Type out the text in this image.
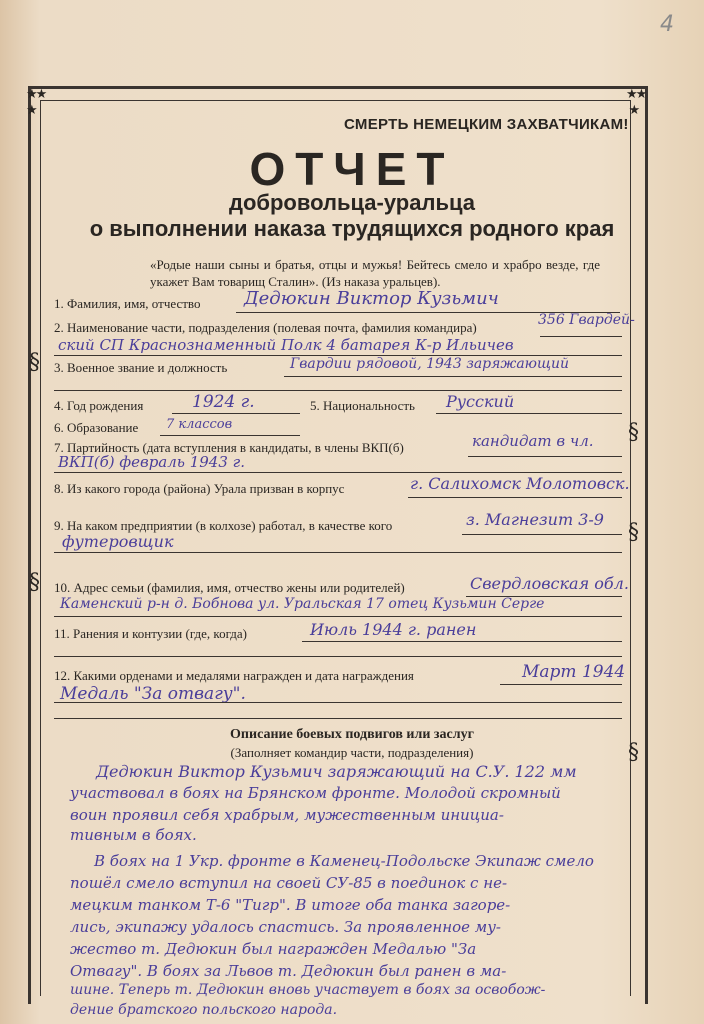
4
★★
★
★★
★
§
§
§
§
§
СМЕРТЬ НЕМЕЦКИМ ЗАХВАТЧИКАМ!
ОТЧЕТ
добровольца-уральца
о выполнении наказа трудящихся родного края
«Родые наши сыны и братья, отцы и мужья! Бейтесь смело и храбро везде, где укажет Вам товарищ Сталин». (Из наказа уральцев).
1. Фамилия, имя, отчество Дедюкин Виктор Кузьмич
2. Наименование части, подразделения (полевая почта, фамилия командира)	356 Гвардей-
ский СП Краснознаменный Полк 4 батарея К-р Ильичев
3. Военное звание и должность	Гвардии рядовой, 1943 заряжающий
4. Год рождения	1924 г.	5. Национальность Русский
6. Образование 7 классов
7. Партийность (дата вступления в кандидаты, в члены ВКП(б)	кандидат в чл.
ВКП(б) февраль 1943 г.
8. Из какого города (района) Урала призван в корпус	г. Салихомск Молотовск.
9. На каком предприятии (в колхозе) работал, в качестве кого	з. Магнезит 3-9
футеровщик
10. Адрес семьи (фамилия, имя, отчество жены или родителей)	Свердловская обл.
Каменский р-н д. Бобнова ул. Уральская 17 отец Кузьмин Серге
11. Ранения и контузии (где, когда)	Июль 1944 г. ранен
12. Какими орденами и медалями награжден и дата награждения	Март 1944
Медаль "За отвагу".
Описание боевых подвигов или заслуг
(Заполняет командир части, подразделения)
Дедюкин Виктор Кузьмич заряжающий на С.У. 122 мм
участвовал в боях на Брянском фронте. Молодой скромный
воин проявил себя храбрым, мужественным инициа-
тивным в боях.
В боях на 1 Укр. фронте в Каменец-Подольске Экипаж смело
пошёл смело вступил на своей СУ-85 в поединок с не-
мецким танком Т-6 "Тигр". В итоге оба танка загоре-
лись, экипажу удалось спастись. За проявленное му-
жество т. Дедюкин был награжден Медалью "За
Отвагу". В боях за Львов т. Дедюкин был ранен в ма-
шине. Теперь т. Дедюкин вновь участвует в боях за освобож-
дение братского польского народа.
